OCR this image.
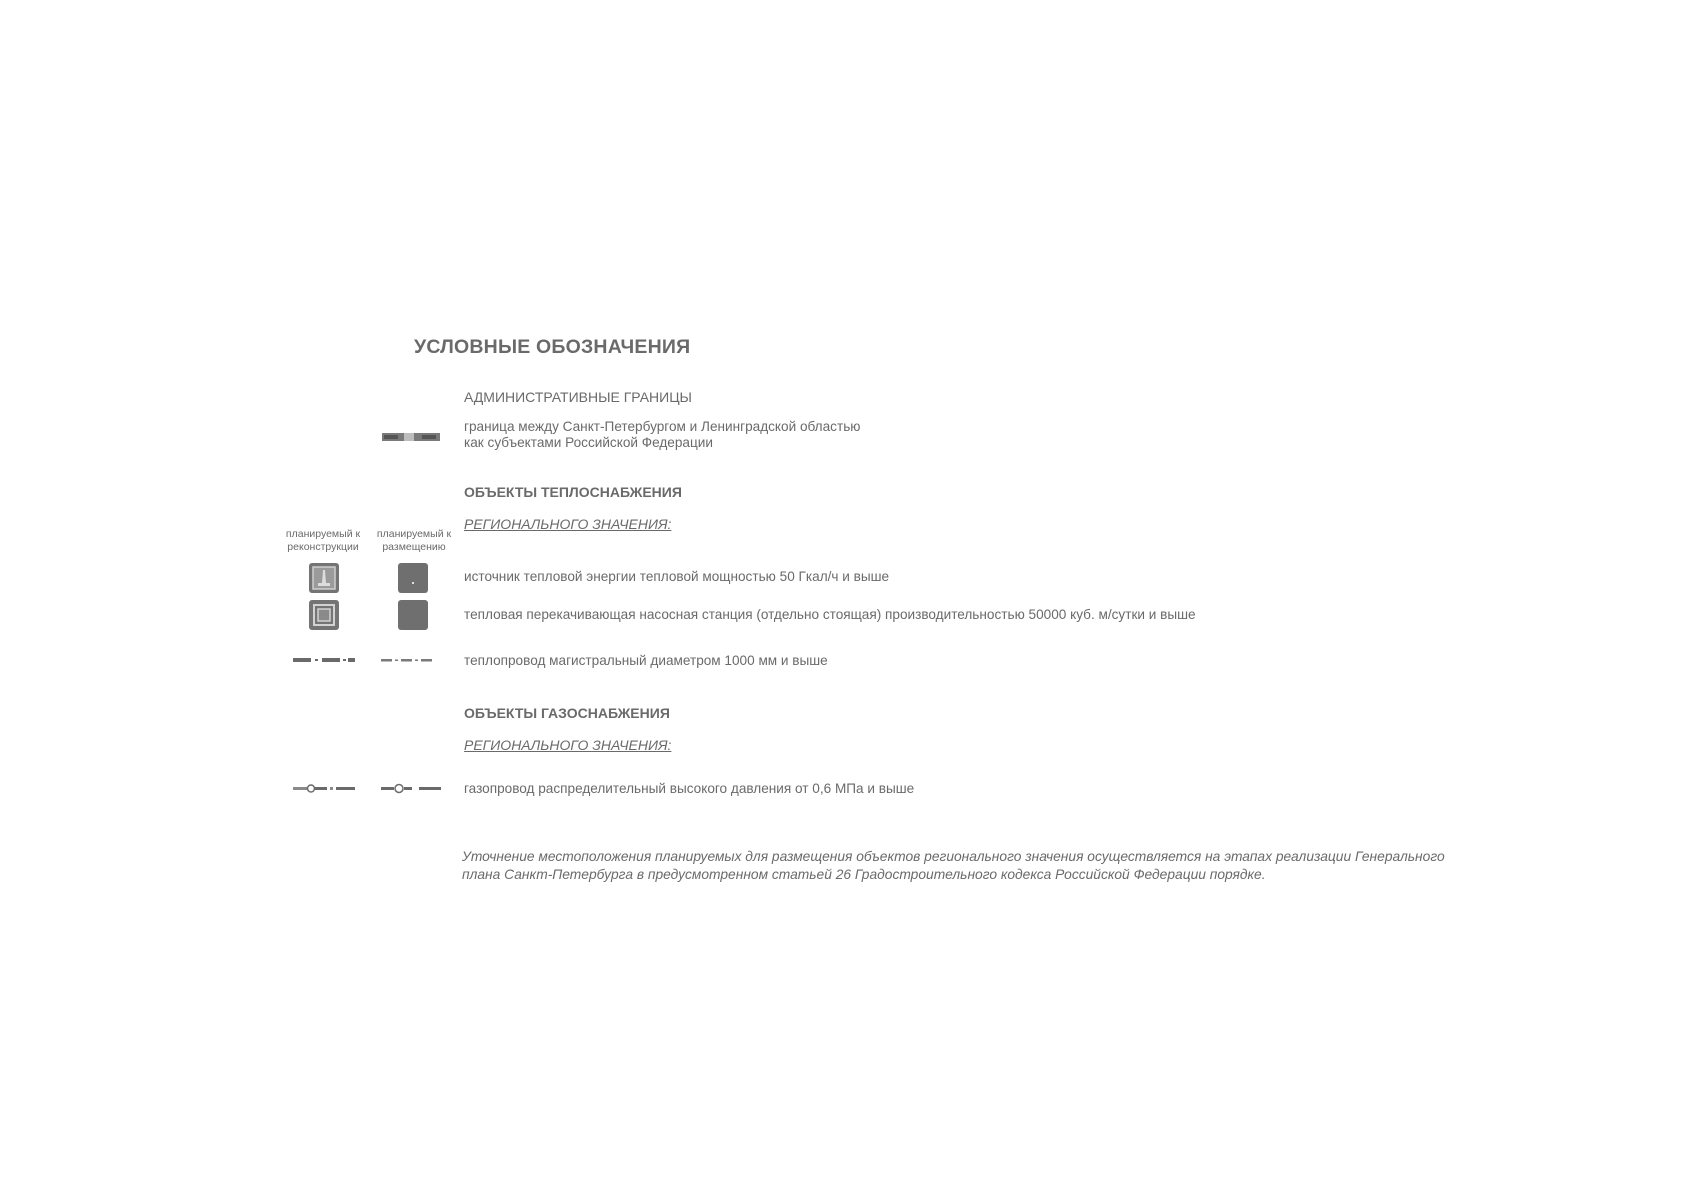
УСЛОВНЫЕ ОБОЗНАЧЕНИЯ
АДМИНИСТРАТИВНЫЕ ГРАНИЦЫ
граница между Санкт-Петербургом и Ленинградской областью
как субъектами Российской Федерации
ОБЪЕКТЫ ТЕПЛОСНАБЖЕНИЯ
РЕГИОНАЛЬНОГО ЗНАЧЕНИЯ:
планируемый к реконструкции
планируемый к размещению
источник тепловой энергии тепловой мощностью 50 Гкал/ч и выше
тепловая перекачивающая насосная станция (отдельно стоящая) производительностью 50000 куб. м/сутки и выше
теплопровод магистральный диаметром 1000 мм и выше
ОБЪЕКТЫ ГАЗОСНАБЖЕНИЯ
РЕГИОНАЛЬНОГО ЗНАЧЕНИЯ:
газопровод распределительный высокого давления от 0,6 МПа и выше
Уточнение местоположения планируемых для размещения объектов регионального значения осуществляется на этапах реализации Генерального плана Санкт-Петербурга в предусмотренном статьей 26 Градостроительного кодекса Российской Федерации порядке.
